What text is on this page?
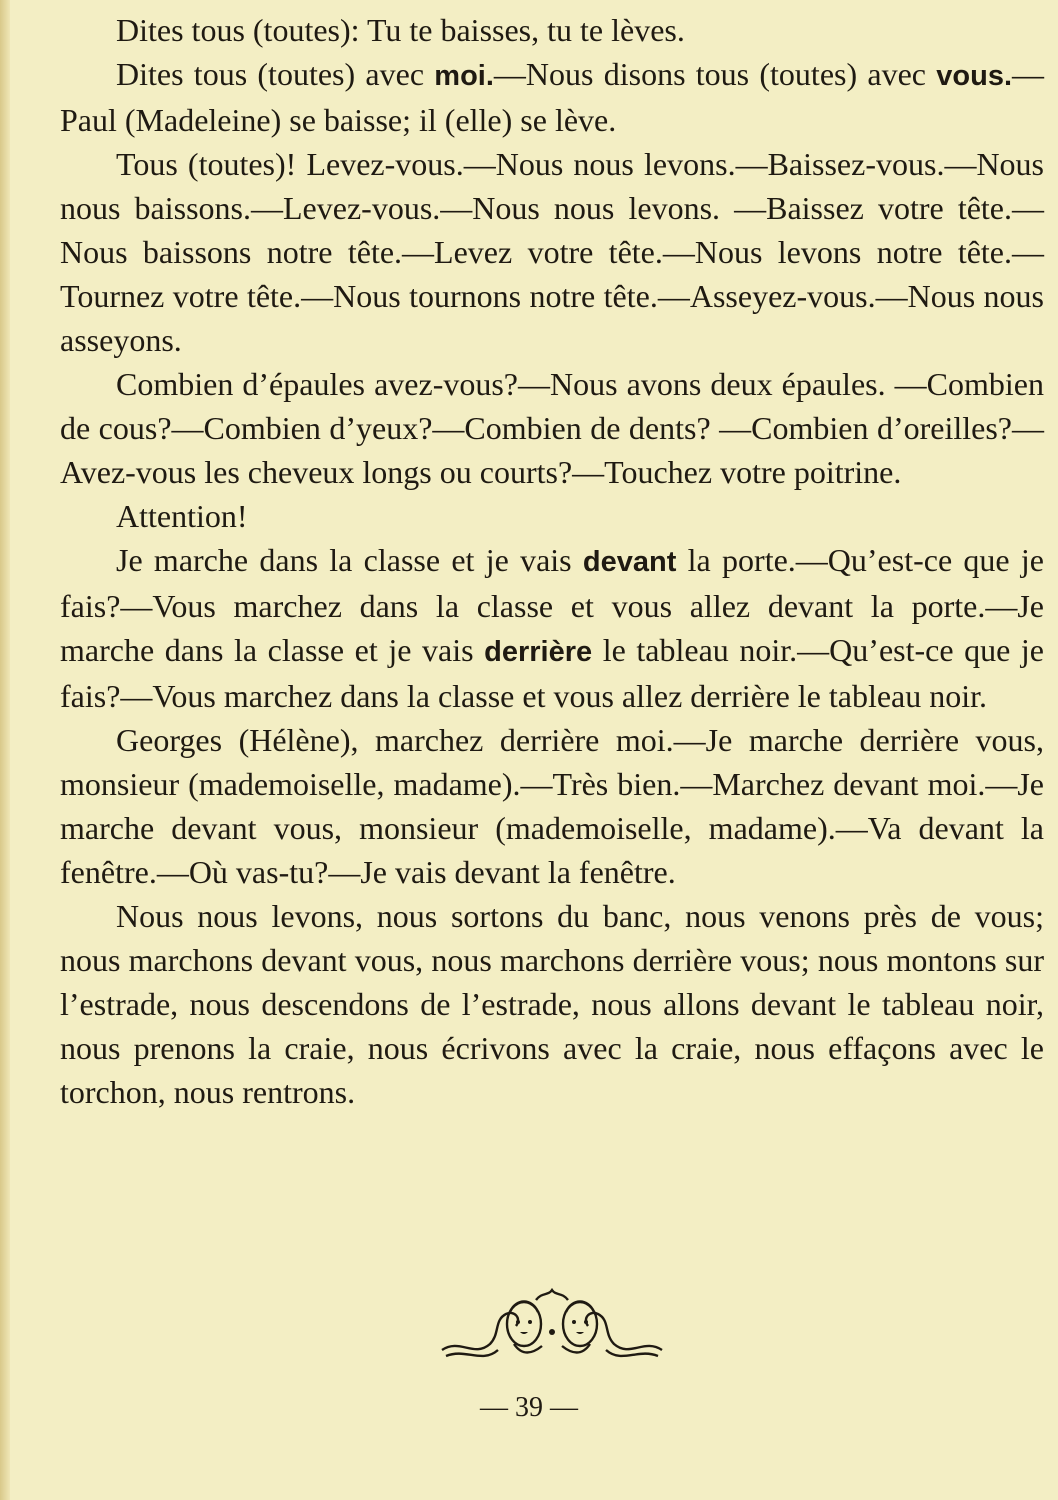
Dites tous (toutes): Tu te baisses, tu te lèves.

Dites tous (toutes) avec moi.—Nous disons tous (toutes) avec vous.—Paul (Madeleine) se baisse; il (elle) se lève.

Tous (toutes)! Levez-vous.—Nous nous levons.—Baissez-vous.—Nous nous baissons.—Levez-vous.—Nous nous levons. —Baissez votre tête.—Nous baissons notre tête.—Levez votre tête.—Nous levons notre tête.—Tournez votre tête.—Nous tournons notre tête.—Asseyez-vous.—Nous nous asseyons.

Combien d’épaules avez-vous?—Nous avons deux épaules. —Combien de cous?—Combien d’yeux?—Combien de dents? —Combien d’oreilles?—Avez-vous les cheveux longs ou courts?—Touchez votre poitrine.

Attention!

Je marche dans la classe et je vais devant la porte.—Qu’est-ce que je fais?—Vous marchez dans la classe et vous allez devant la porte.—Je marche dans la classe et je vais derrière le tableau noir.—Qu’est-ce que je fais?—Vous marchez dans la classe et vous allez derrière le tableau noir.

Georges (Hélène), marchez derrière moi.—Je marche derrière vous, monsieur (mademoiselle, madame).—Très bien.—Marchez devant moi.—Je marche devant vous, monsieur (mademoiselle, madame).—Va devant la fenêtre.—Où vas-tu?—Je vais devant la fenêtre.

Nous nous levons, nous sortons du banc, nous venons près de vous; nous marchons devant vous, nous marchons derrière vous; nous montons sur l’estrade, nous descendons de l’estrade, nous allons devant le tableau noir, nous prenons la craie, nous écrivons avec la craie, nous effaçons avec le torchon, nous rentrons.

— 39 —
